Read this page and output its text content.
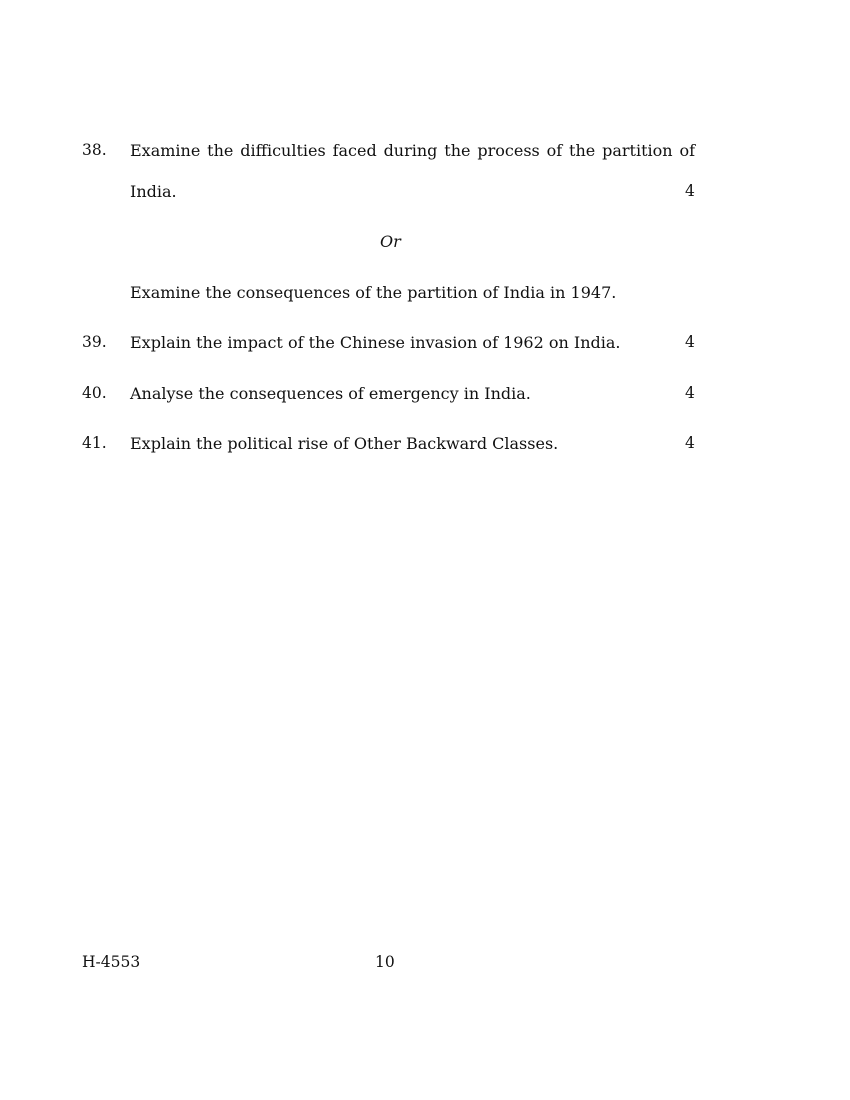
38. Examine the difficulties faced during the process of the partition of
India.	4
Or
Examine the consequences of the partition of India in 1947.
39. Explain the impact of the Chinese invasion of 1962 on India.	4
40. Analyse the consequences of emergency in India.	4
41. Explain the political rise of Other Backward Classes.	4
H-4553	10
